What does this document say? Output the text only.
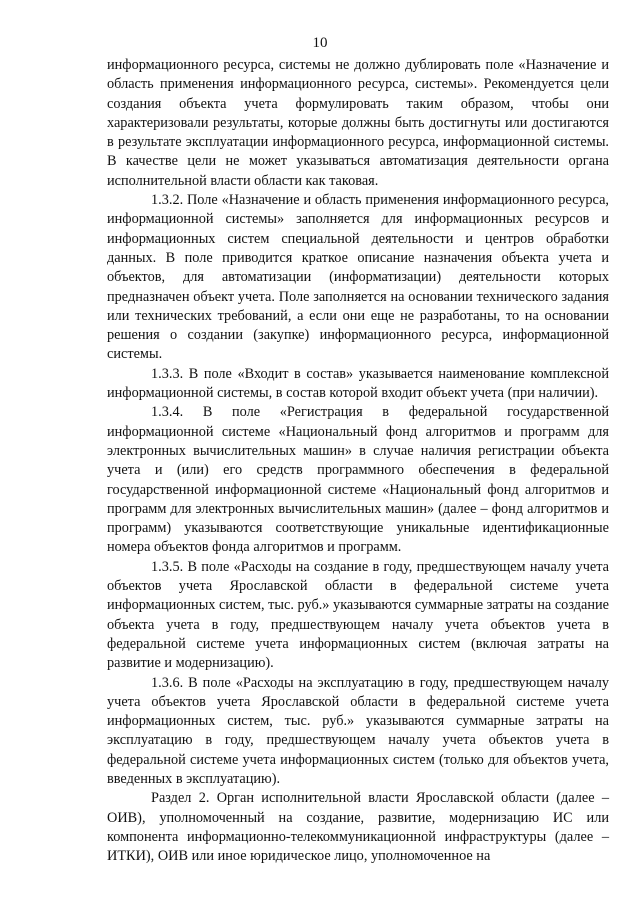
10

информационного ресурса, системы не должно дублировать поле «Назначение и область применения информационного ресурса, системы». Рекомендуется цели создания объекта учета формулировать таким образом, чтобы они характеризовали результаты, которые должны быть достигнуты или достигаются в результате эксплуатации информационного ресурса, информационной системы. В качестве цели не может указываться автоматизация деятельности органа исполнительной власти области как таковая.

1.3.2. Поле «Назначение и область применения информационного ресурса, информационной системы» заполняется для информационных ресурсов и информационных систем специальной деятельности и центров обработки данных. В поле приводится краткое описание назначения объекта учета и объектов, для автоматизации (информатизации) деятельности которых предназначен объект учета. Поле заполняется на основании технического задания или технических требований, а если они еще не разработаны, то на основании решения о создании (закупке) информационного ресурса, информационной системы.

1.3.3. В поле «Входит в состав» указывается наименование комплексной информационной системы, в состав которой входит объект учета (при наличии).

1.3.4. В поле «Регистрация в федеральной государственной информационной системе «Национальный фонд алгоритмов и программ для электронных вычислительных машин» в случае наличия регистрации объекта учета и (или) его средств программного обеспечения в федеральной государственной информационной системе «Национальный фонд алгоритмов и программ для электронных вычислительных машин» (далее – фонд алгоритмов и программ) указываются соответствующие уникальные идентификационные номера объектов фонда алгоритмов и программ.

1.3.5. В поле «Расходы на создание в году, предшествующем началу учета объектов учета Ярославской области в федеральной системе учета информационных систем, тыс. руб.» указываются суммарные затраты на создание объекта учета в году, предшествующем началу учета объектов учета в федеральной системе учета информационных систем (включая затраты на развитие и модернизацию).

1.3.6. В поле «Расходы на эксплуатацию в году, предшествующем началу учета объектов учета Ярославской области в федеральной системе учета информационных систем, тыс. руб.» указываются суммарные затраты на эксплуатацию в году, предшествующем началу учета объектов учета в федеральной системе учета информационных систем (только для объектов учета, введенных в эксплуатацию).

Раздел 2. Орган исполнительной власти Ярославской области (далее – ОИВ), уполномоченный на создание, развитие, модернизацию ИС или компонента информационно-телекоммуникационной инфраструктуры (далее – ИТКИ), ОИВ или иное юридическое лицо, уполномоченное на
